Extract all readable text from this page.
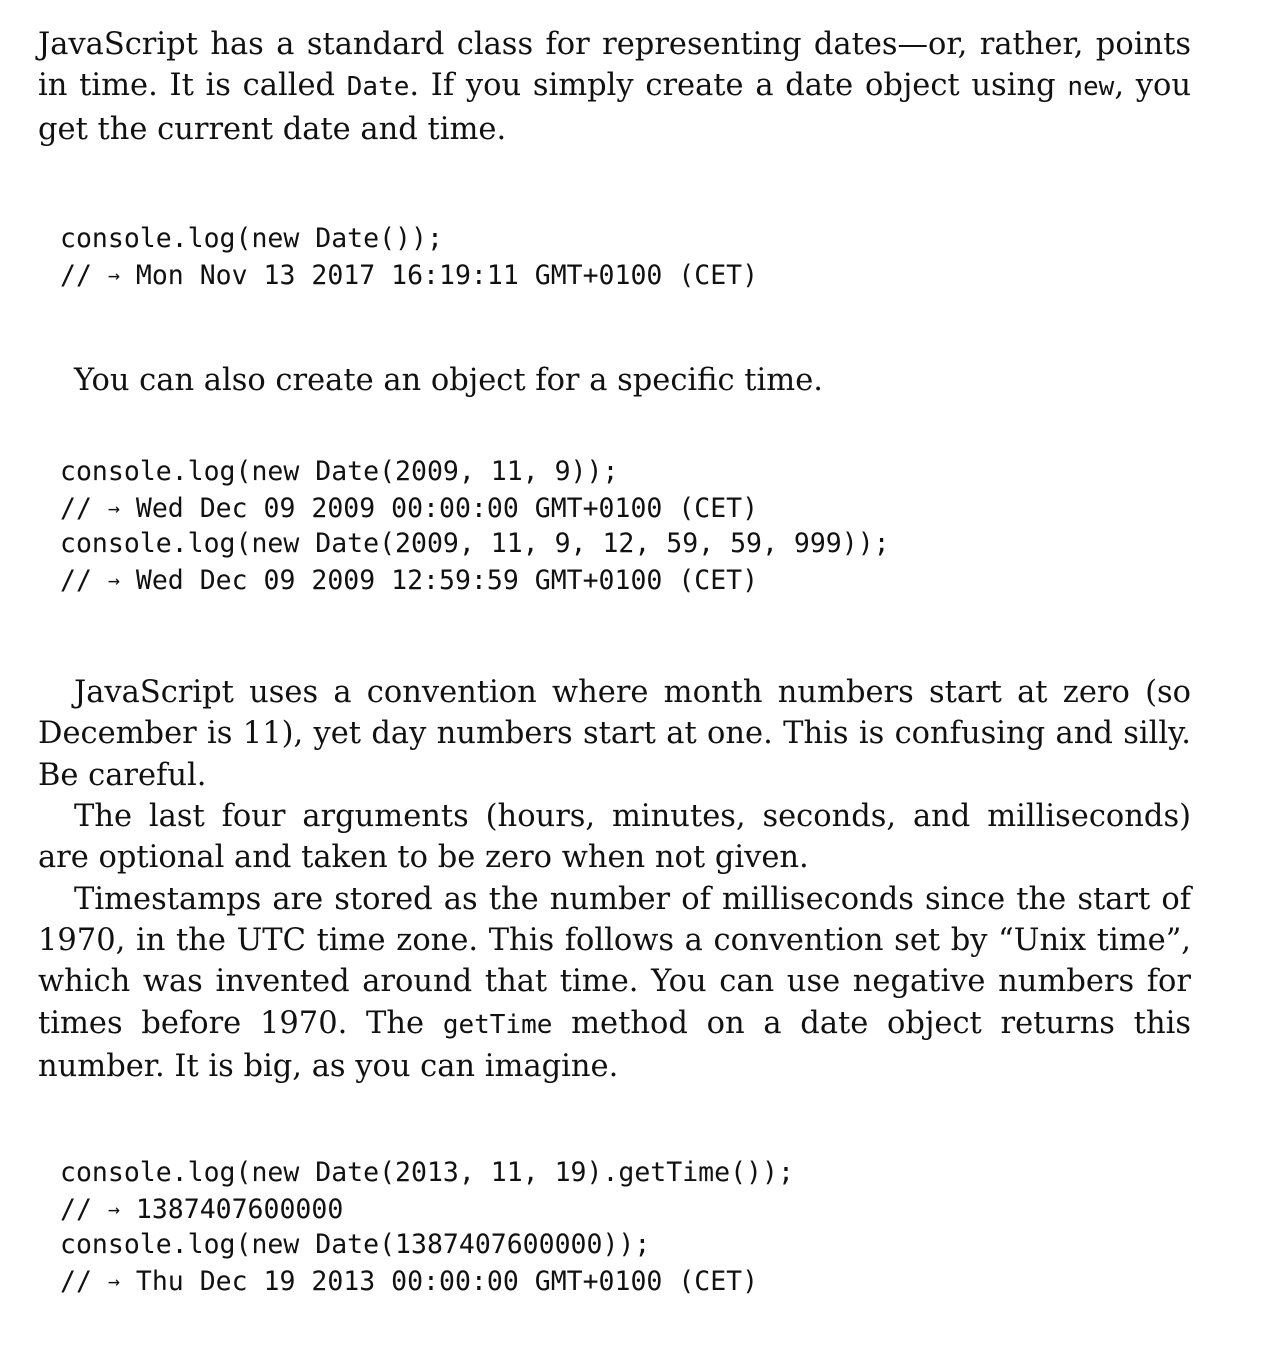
JavaScript has a standard class for representing dates—or, rather, points in time. It is called Date. If you simply create a date object using new, you get the current date and time.

console.log(new Date());
// → Mon Nov 13 2017 16:19:11 GMT+0100 (CET)

You can also create an object for a specific time.

console.log(new Date(2009, 11, 9));
// → Wed Dec 09 2009 00:00:00 GMT+0100 (CET)
console.log(new Date(2009, 11, 9, 12, 59, 59, 999));
// → Wed Dec 09 2009 12:59:59 GMT+0100 (CET)

JavaScript uses a convention where month numbers start at zero (so December is 11), yet day numbers start at one. This is confusing and silly. Be careful.

The last four arguments (hours, minutes, seconds, and milliseconds) are optional and taken to be zero when not given.

Timestamps are stored as the number of milliseconds since the start of 1970, in the UTC time zone. This follows a convention set by “Unix time”, which was invented around that time. You can use negative numbers for times before 1970. The getTime method on a date object returns this number. It is big, as you can imagine.

console.log(new Date(2013, 11, 19).getTime());
// → 1387407600000
console.log(new Date(1387407600000));
// → Thu Dec 19 2013 00:00:00 GMT+0100 (CET)
